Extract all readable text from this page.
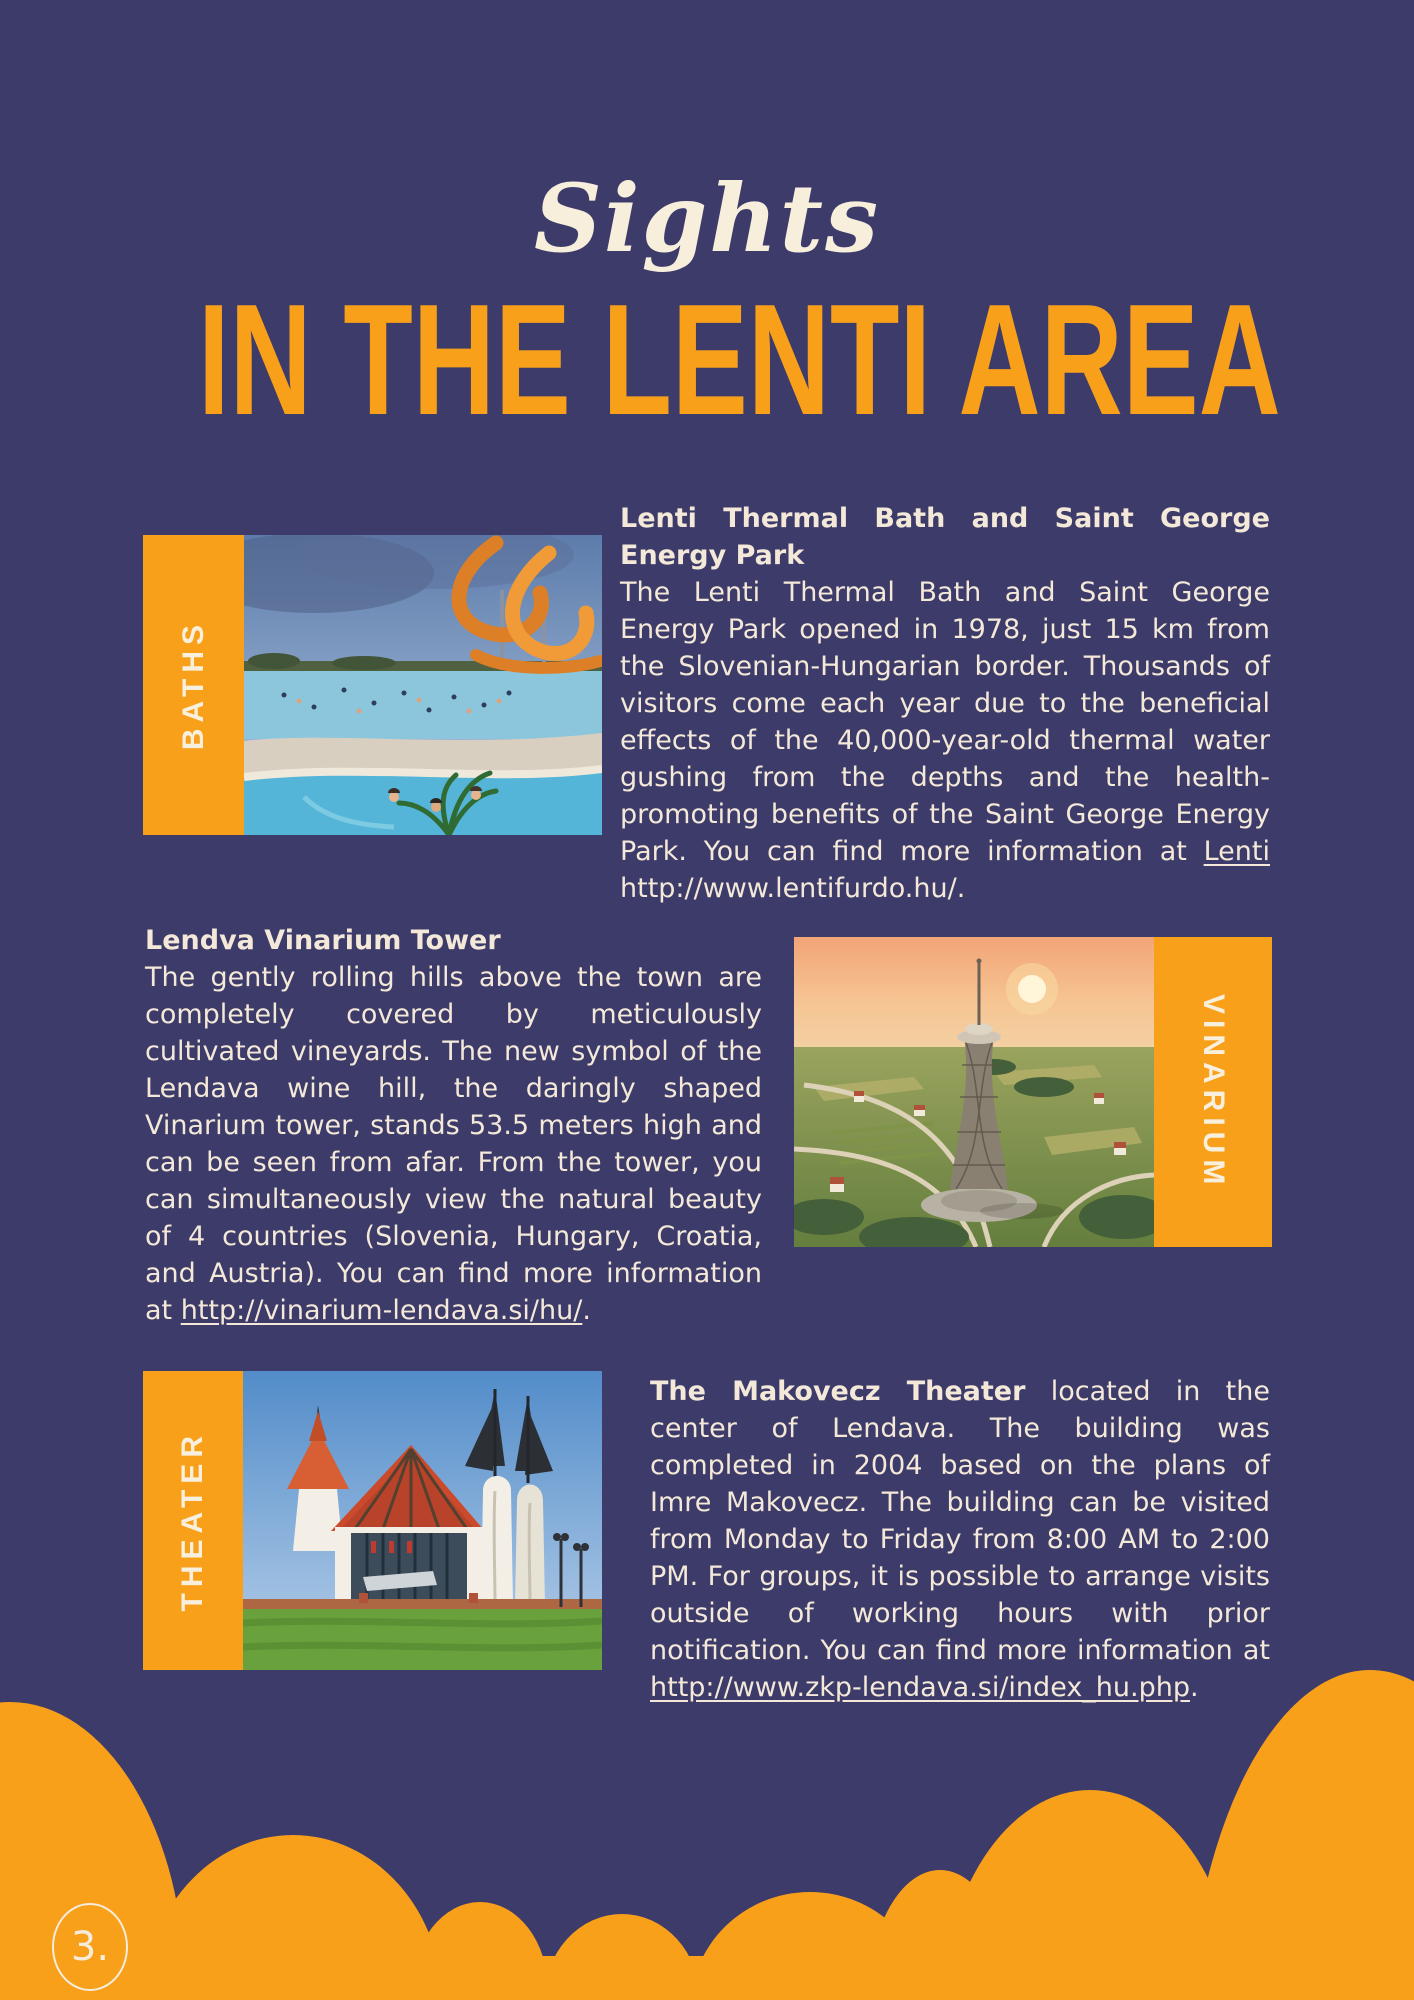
Sights
IN THE LENTI AREA
BATHS
Lenti Thermal Bath and Saint George Energy Park

The Lenti Thermal Bath and Saint George Energy Park opened in 1978, just 15 km from the Slovenian-Hungarian border. Thousands of visitors come each year due to the beneficial effects of the 40,000-year-old thermal water gushing from the depths and the health-promoting benefits of the Saint George Energy Park. You can find more information at Lenti http://www.lentifurdo.hu/.

Lendva Vinarium Tower

The gently rolling hills above the town are completely covered by meticulously cultivated vineyards. The new symbol of the Lendava wine hill, the daringly shaped Vinarium tower, stands 53.5 meters high and can be seen from afar. From the tower, you can simultaneously view the natural beauty of 4 countries (Slovenia, Hungary, Croatia, and Austria). You can find more information at http://vinarium-lendava.si/hu/.

VINARIUM
THEATER

The Makovecz Theater located in the center of Lendava. The building was completed in 2004 based on the plans of Imre Makovecz. The building can be visited from Monday to Friday from 8:00 AM to 2:00 PM. For groups, it is possible to arrange visits outside of working hours with prior notification. You can find more information at http://www.zkp-lendava.si/index_hu.php.

3.
